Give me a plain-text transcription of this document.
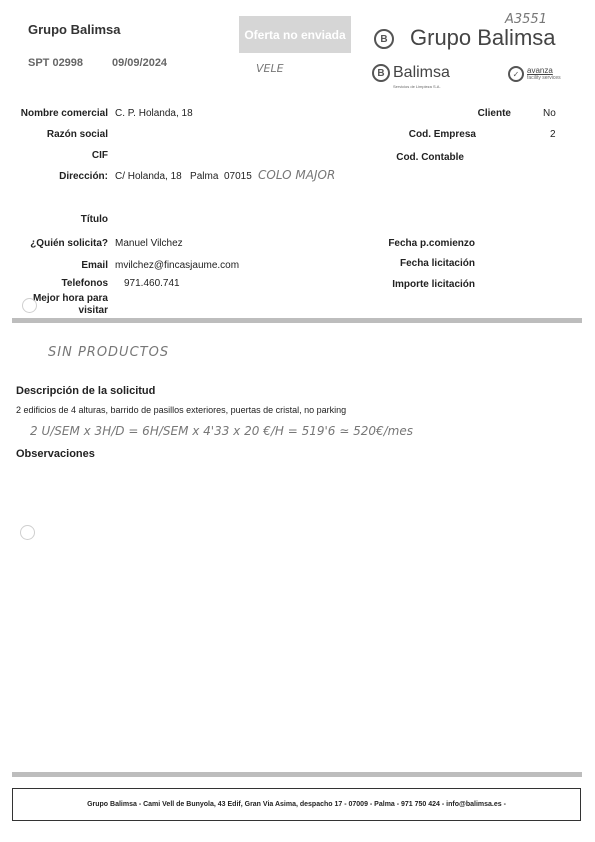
Grupo Balimsa
SPT 02998	09/09/2024
Oferta no enviada
VELE
A3551
B Grupo Balimsa
B Balimsa
Servicios de Limpieza S.A.
✓ avanza
facility services
Nombre comercial C. P. Holanda, 18
Razón social
CIF
Dirección: C/ Holanda, 18   Palma  07015 COLO MAJOR
Título
¿Quién solicita? Manuel Vilchez
Email mvilchez@fincasjaume.com
Telefonos 971.460.741
Mejor hora para
visitar
Cliente	No
Cod. Empresa	2
Cod. Contable
Fecha p.comienzo
Fecha licitación
Importe licitación
SIN PRODUCTOS
Descripción de la solicitud
2 edificios de 4 alturas, barrido de pasillos exteriores, puertas de cristal, no parking
2 U/SEM x 3H/D = 6H/SEM x 4'33 x 20 €/H = 519'6 ≃ 520€/mes
Observaciones
Grupo Balimsa - Cami Vell de Bunyola, 43 Edif, Gran Via Asima, despacho 17 - 07009 - Palma - 971 750 424 - info@balimsa.es -
